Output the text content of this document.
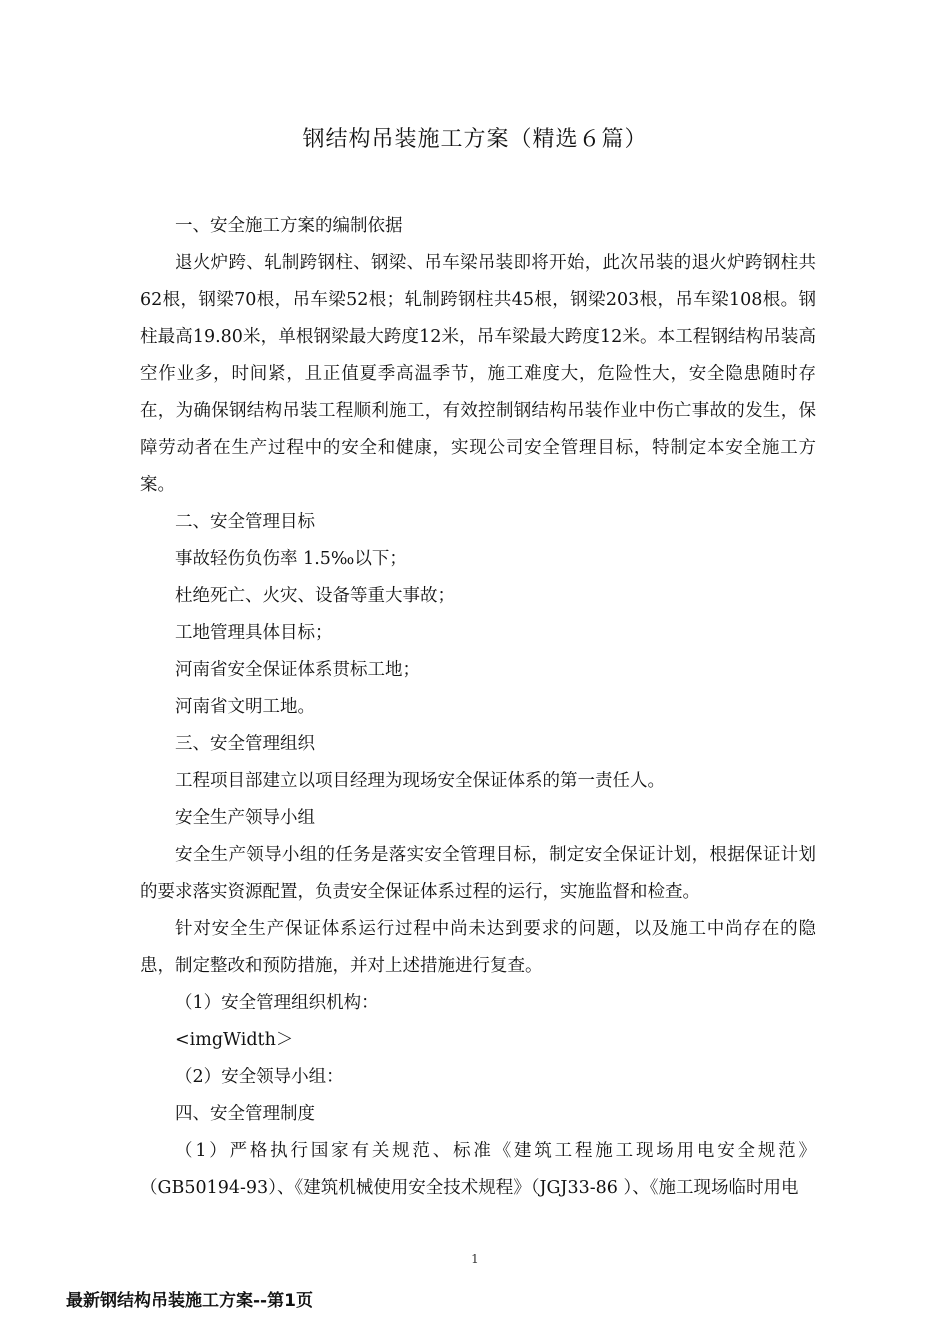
钢结构吊装施工方案（精选６篇）

一、安全施工方案的编制依据

退火炉跨、轧制跨钢柱、钢梁、吊车梁吊装即将开始，此次吊装的退火炉跨钢柱共62根，钢梁70根，吊车梁52根；轧制跨钢柱共45根，钢梁203根，吊车梁108根。钢柱最高19.80米，单根钢梁最大跨度12米，吊车梁最大跨度12米。本工程钢结构吊装高空作业多，时间紧，且正值夏季高温季节，施工难度大，危险性大，安全隐患随时存在，为确保钢结构吊装工程顺利施工，有效控制钢结构吊装作业中伤亡事故的发生，保障劳动者在生产过程中的安全和健康，实现公司安全管理目标，特制定本安全施工方案。

二、安全管理目标

事故轻伤负伤率 1.5‰以下；

杜绝死亡、火灾、设备等重大事故；

工地管理具体目标；

河南省安全保证体系贯标工地；

河南省文明工地。

三、安全管理组织

工程项目部建立以项目经理为现场安全保证体系的第一责任人。

安全生产领导小组

安全生产领导小组的任务是落实安全管理目标，制定安全保证计划，根据保证计划的要求落实资源配置，负责安全保证体系过程的运行，实施监督和检查。

针对安全生产保证体系运行过程中尚未达到要求的问题，以及施工中尚存在的隐患，制定整改和预防措施，并对上述措施进行复查。

（1）安全管理组织机构：

<imgWidth＞

（2）安全领导小组：

四、安全管理制度

（1）严格执行国家有关规范、标准《建筑工程施工现场用电安全规范》（GB50194-93）、《建筑机械使用安全技术规程》（JGJ33-86 ）、《施工现场临时用电

1
最新钢结构吊装施工方案--第1页
